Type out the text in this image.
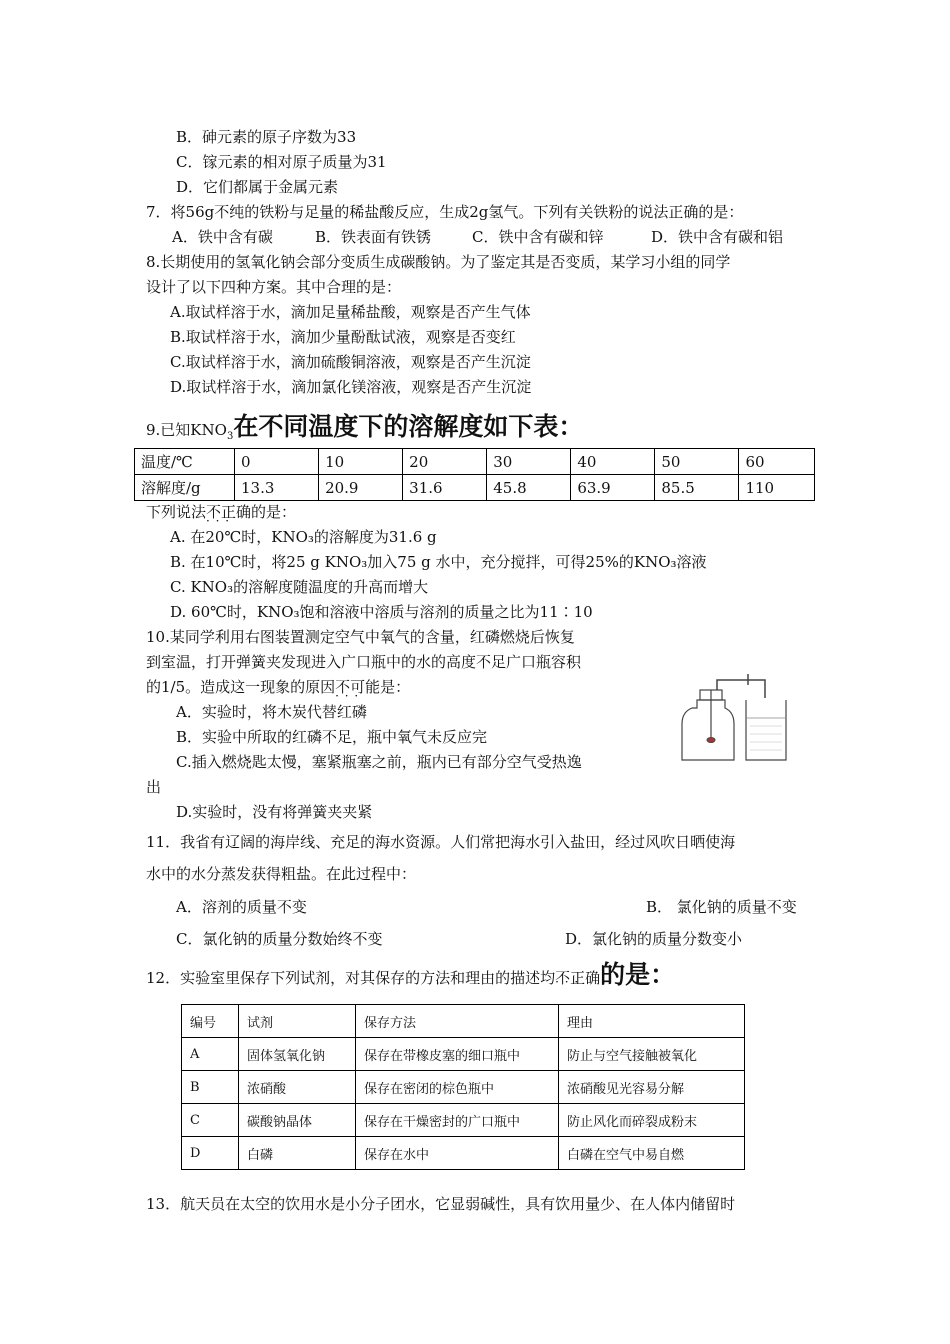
B．砷元素的原子序数为33
C．镓元素的相对原子质量为31
D．它们都属于金属元素
7．将56g不纯的铁粉与足量的稀盐酸反应，生成2g氢气。下列有关铁粉的说法正确的是：
A．铁中含有碳	B．铁表面有铁锈	C．铁中含有碳和锌	D．铁中含有碳和铝
8.长期使用的氢氧化钠会部分变质生成碳酸钠。为了鉴定其是否变质，某学习小组的同学
设计了以下四种方案。其中合理的是：
A.取试样溶于水，滴加足量稀盐酸，观察是否产生气体
B.取试样溶于水，滴加少量酚酞试液，观察是否变红
C.取试样溶于水，滴加硫酸铜溶液，观察是否产生沉淀
D.取试样溶于水，滴加氯化镁溶液，观察是否产生沉淀
9.已知$KNO_3$在不同温度下的溶解度如下表：
温度/℃	0	10	20	30	40	50	60
溶解度/g	13.3	20.9	31.6	45.8	63.9	85.5	110
下列说法不正确 · · ·的是：
A. 在20℃时，KNO₃的溶解度为31.6 g
B. 在10℃时，将25 g KNO₃加入75 g 水中，充分搅拌，可得25%的KNO₃溶液
C. KNO₃的溶解度随温度的升高而增大
D. 60℃时，KNO₃饱和溶液中溶质与溶剂的质量之比为11∶10
10.某同学利用右图装置测定空气中氧气的含量，红磷燃烧后恢复
到室温，打开弹簧夹发现进入广口瓶中的水的高度不足广口瓶容积
的1/5。造成这一现象的原因不可能 · · ·是：
A．实验时，将木炭代替红磷
B．实验中所取的红磷不足，瓶中氧气未反应完
C.插入燃烧匙太慢，塞紧瓶塞之前，瓶内已有部分空气受热逸
出
D.实验时，没有将弹簧夹夹紧
11．我省有辽阔的海岸线、充足的海水资源。人们常把海水引入盐田，经过风吹日晒使海
水中的水分蒸发获得粗盐。在此过程中：
A．溶剂的质量不变	B． 氯化钠的质量不变
C．氯化钠的质量分数始终不变	D．氯化钠的质量分数变小
12．实验室里保存下列试剂，对其保存的方法和理由的描述均不正确 · · ·的是：
编号	试剂	保存方法	理由
A	固体氢氧化钠	保存在带橡皮塞的细口瓶中	防止与空气接触被氧化
B	浓硝酸	保存在密闭的棕色瓶中	浓硝酸见光容易分解
C	碳酸钠晶体	保存在干燥密封的广口瓶中	防止风化而碎裂成粉末
D	白磷	保存在水中	白磷在空气中易自燃
13．航天员在太空的饮用水是小分子团水，它显弱碱性，具有饮用量少、在人体内储留时
